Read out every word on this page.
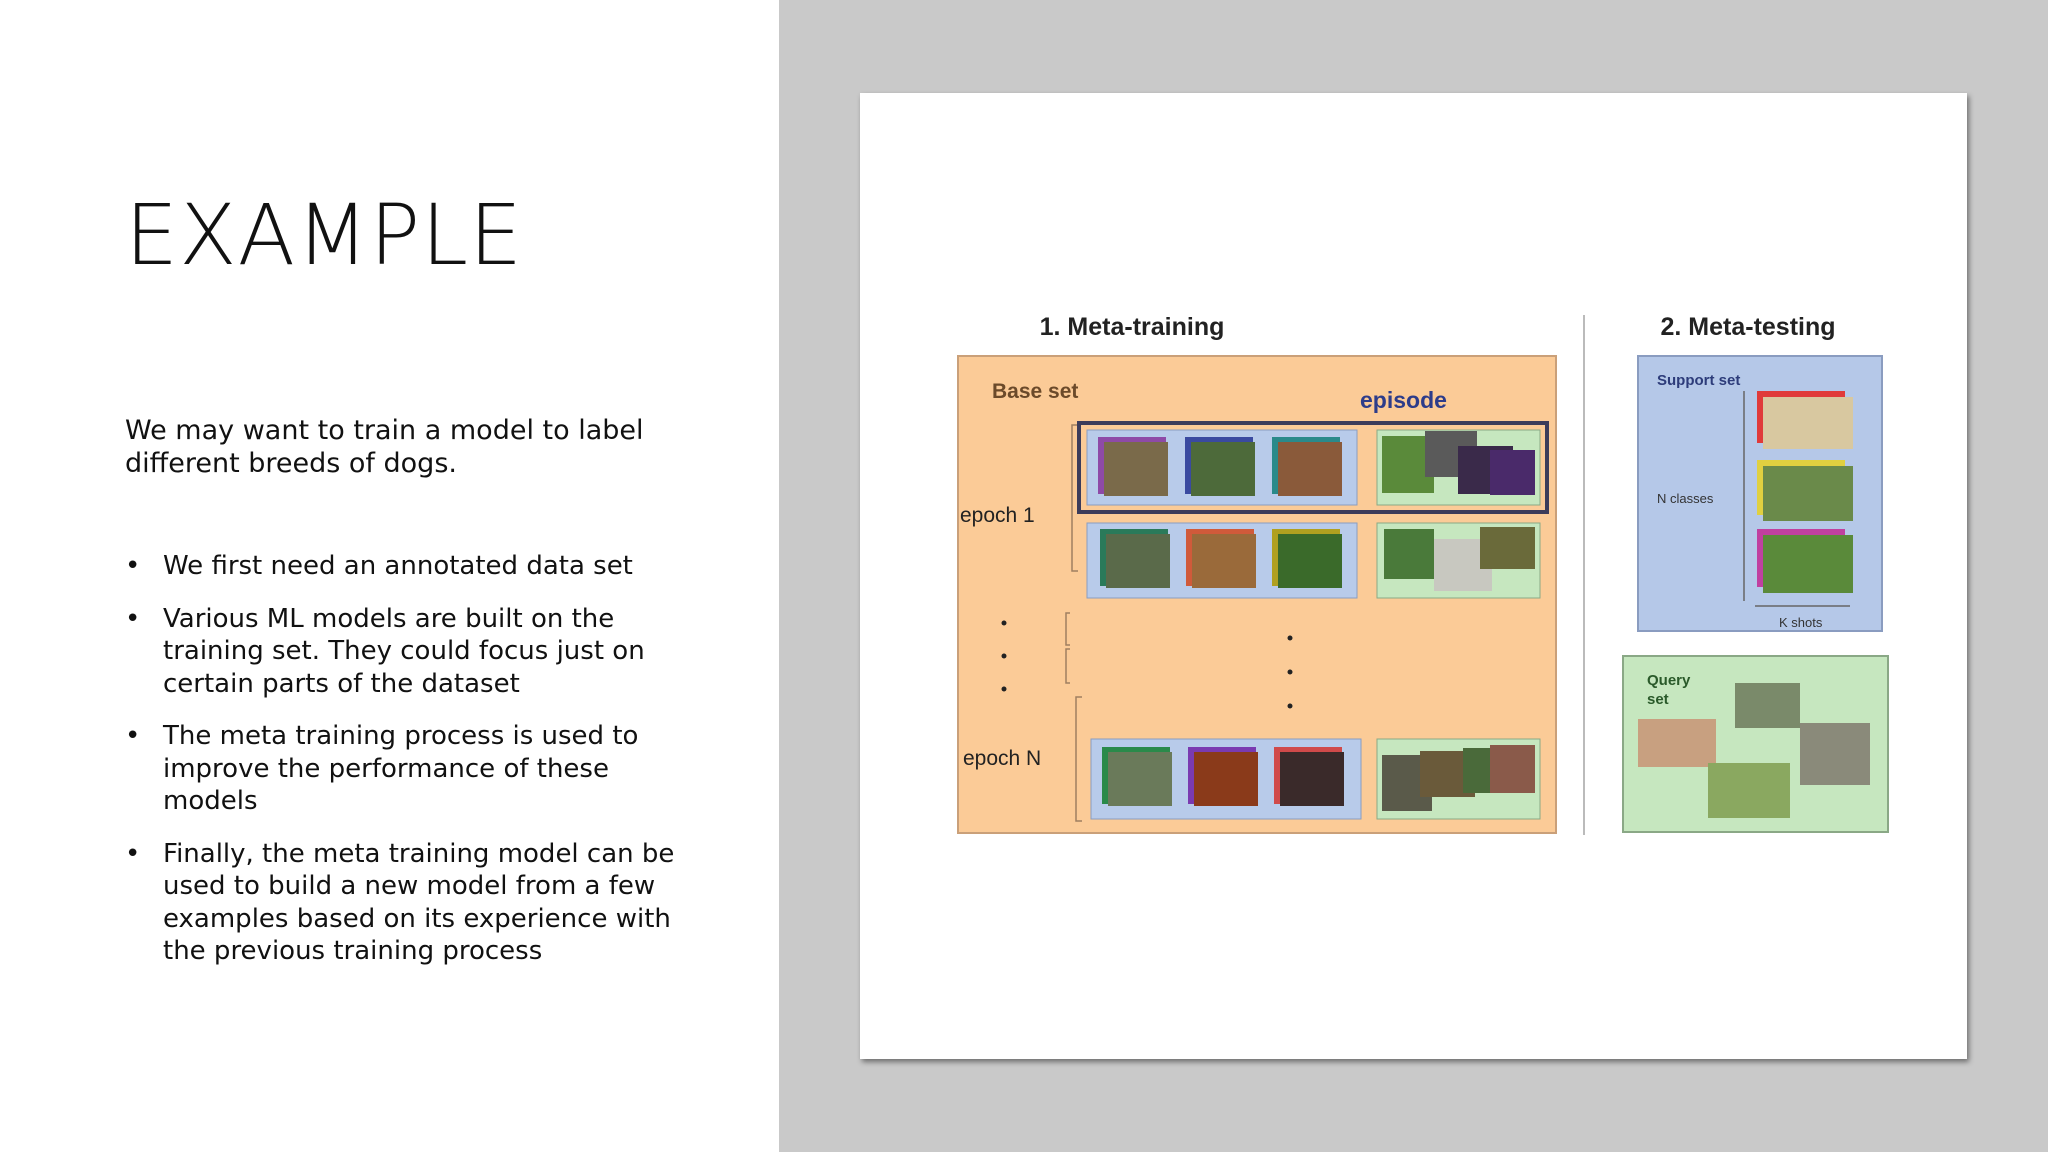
EXAMPLE
We may want to train a model to label different breeds of dogs.
• We first need an annotated data set
• Various ML models are built on the training set. They could focus just on certain parts of the dataset
• The meta training process is used to improve the performance of these models
• Finally, the meta training model can be used to build a new model from a few examples based on its experience with the previous training process
1. Meta-training	2. Meta-testing
Base set	episode
epoch 1
epoch N
Support set
N classes
K shots
Query
set
